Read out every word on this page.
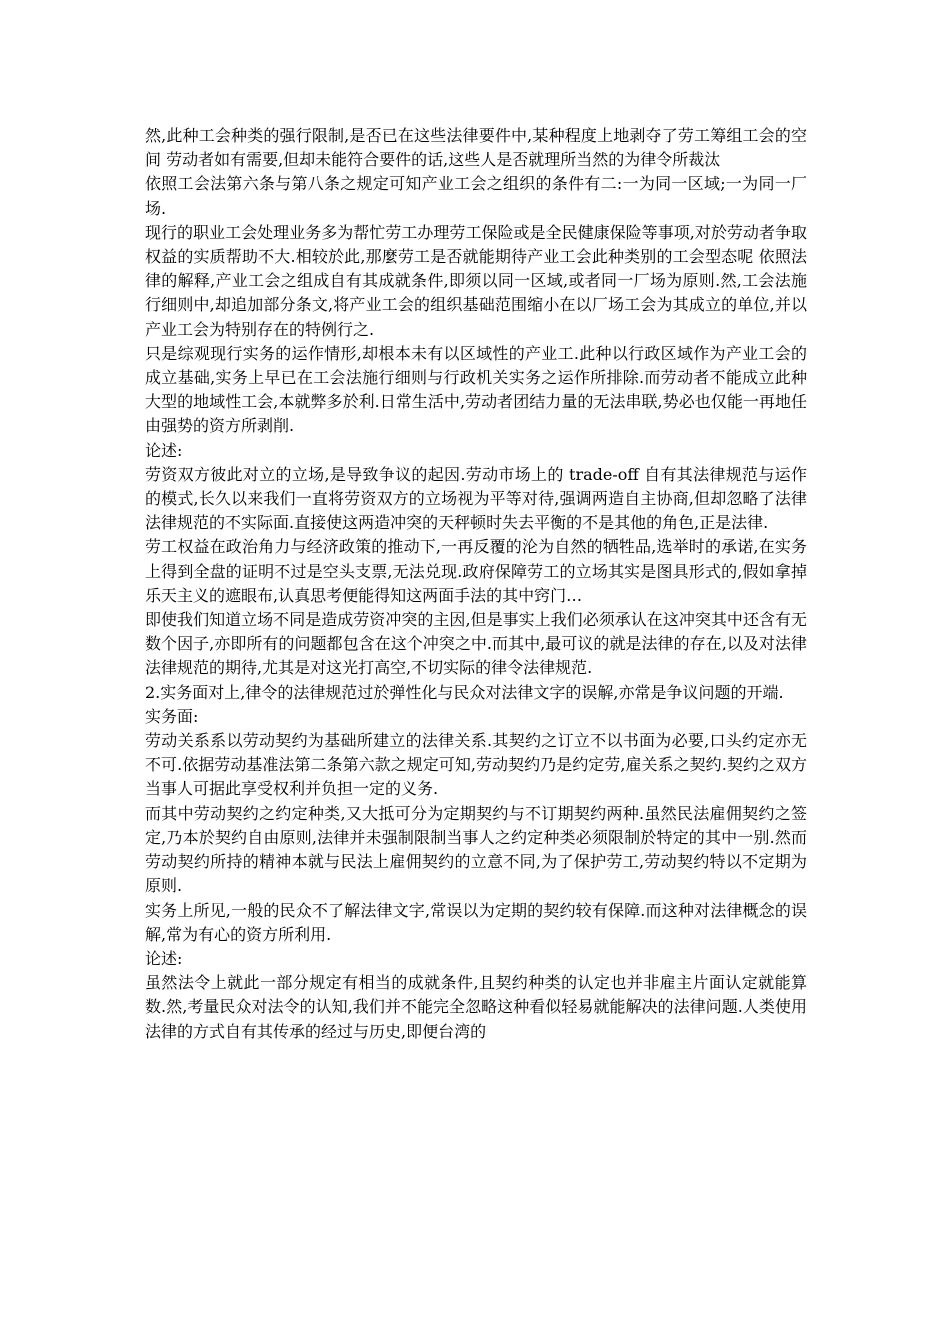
然,此种工会种类的强行限制,是否已在这些法律要件中,某种程度上地剥夺了劳工筹组工会的空间 劳动者如有需要,但却未能符合要件的话,这些人是否就理所当然的为律令所裁汰

依照工会法第六条与第八条之规定可知产业工会之组织的条件有二:一为同一区域;一为同一厂场.

现行的职业工会处理业务多为帮忙劳工办理劳工保险或是全民健康保险等事项,对於劳动者争取权益的实质帮助不大.相较於此,那麼劳工是否就能期待产业工会此种类别的工会型态呢 依照法律的解释,产业工会之组成自有其成就条件,即须以同一区域,或者同一厂场为原则.然,工会法施行细则中,却追加部分条文,将产业工会的组织基础范围缩小在以厂场工会为其成立的单位,并以产业工会为特别存在的特例行之.

只是综观现行实务的运作情形,却根本未有以区域性的产业工.此种以行政区域作为产业工会的成立基础,实务上早已在工会法施行细则与行政机关实务之运作所排除.而劳动者不能成立此种大型的地域性工会,本就弊多於利.日常生活中,劳动者团结力量的无法串联,势必也仅能一再地任由强势的资方所剥削.

论述:

劳资双方彼此对立的立场,是导致争议的起因.劳动市场上的 trade-off 自有其法律规范与运作的模式,长久以来我们一直将劳资双方的立场视为平等对待,强调两造自主协商,但却忽略了法律法律规范的不实际面.直接使这两造冲突的天秤顿时失去平衡的不是其他的角色,正是法律.

劳工权益在政治角力与经济政策的推动下,一再反覆的沦为自然的牺牲品,选举时的承诺,在实务上得到全盘的证明不过是空头支票,无法兑现.政府保障劳工的立场其实是图具形式的,假如拿掉乐天主义的遮眼布,认真思考便能得知这两面手法的其中窍门…

即使我们知道立场不同是造成劳资冲突的主因,但是事实上我们必须承认在这冲突其中还含有无数个因子,亦即所有的问题都包含在这个冲突之中.而其中,最可议的就是法律的存在,以及对法律法律规范的期待,尤其是对这光打高空,不切实际的律令法律规范.

2.实务面对上,律令的法律规范过於弹性化与民众对法律文字的误解,亦常是争议问题的开端.

实务面:

劳动关系系以劳动契约为基础所建立的法律关系.其契约之订立不以书面为必要,口头约定亦无不可.依据劳动基准法第二条第六款之规定可知,劳动契约乃是约定劳,雇关系之契约.契约之双方当事人可据此享受权利并负担一定的义务.

而其中劳动契约之约定种类,又大抵可分为定期契约与不订期契约两种.虽然民法雇佣契约之签定,乃本於契约自由原则,法律并未强制限制当事人之约定种类必须限制於特定的其中一别.然而劳动契约所持的精神本就与民法上雇佣契约的立意不同,为了保护劳工,劳动契约特以不定期为原则.

实务上所见,一般的民众不了解法律文字,常误以为定期的契约较有保障.而这种对法律概念的误解,常为有心的资方所利用.

论述:

虽然法令上就此一部分规定有相当的成就条件,且契约种类的认定也并非雇主片面认定就能算数.然,考量民众对法令的认知,我们并不能完全忽略这种看似轻易就能解决的法律问题.人类使用法律的方式自有其传承的经过与历史,即便台湾的
